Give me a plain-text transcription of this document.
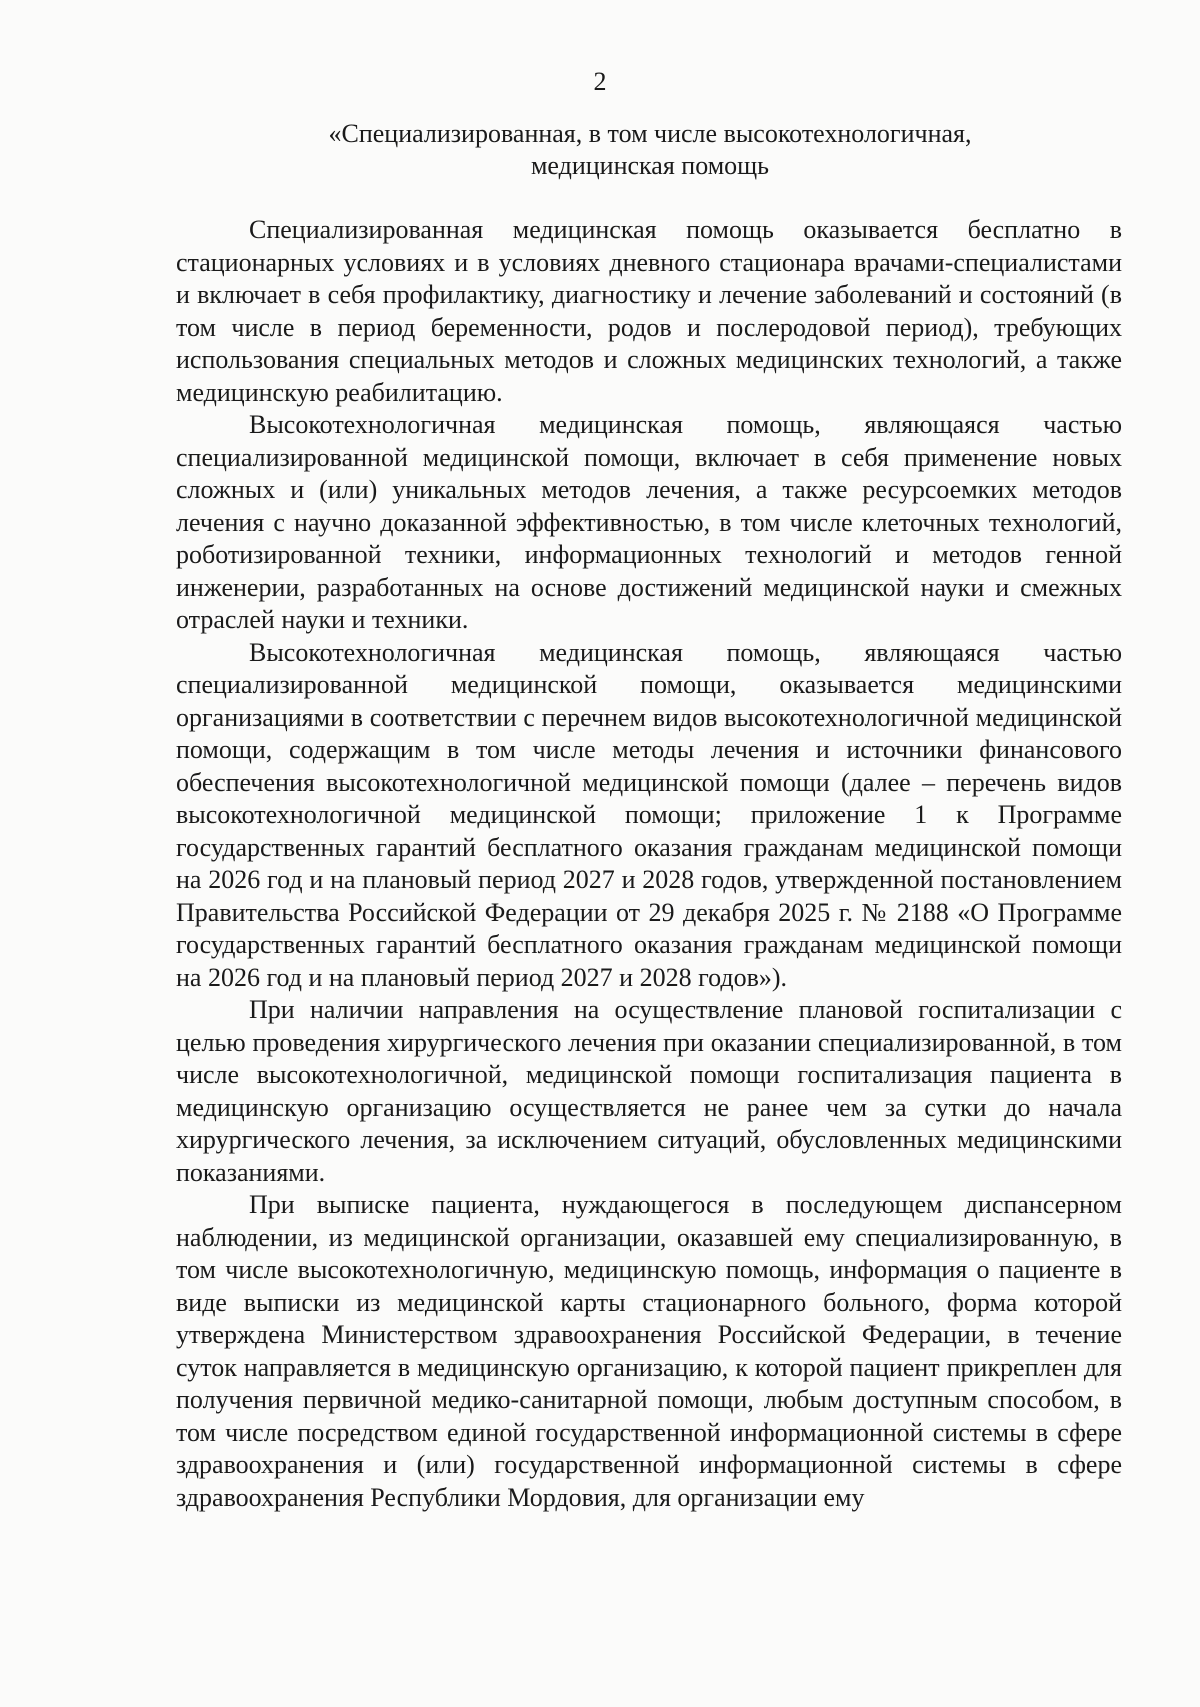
2
«Специализированная, в том числе высокотехнологичная,
медицинская помощь

Специализированная медицинская помощь оказывается бесплатно в стационарных условиях и в условиях дневного стационара врачами-специалистами и включает в себя профилактику, диагностику и лечение заболеваний и состояний (в том числе в период беременности, родов и послеродовой период), требующих использования специальных методов и сложных медицинских технологий, а также медицинскую реабилитацию.

Высокотехнологичная медицинская помощь, являющаяся частью специализированной медицинской помощи, включает в себя применение новых сложных и (или) уникальных методов лечения, а также ресурсоемких методов лечения с научно доказанной эффективностью, в том числе клеточных технологий, роботизированной техники, информационных технологий и методов генной инженерии, разработанных на основе достижений медицинской науки и смежных отраслей науки и техники.

Высокотехнологичная медицинская помощь, являющаяся частью специализированной медицинской помощи, оказывается медицинскими организациями в соответствии с перечнем видов высокотехнологичной медицинской помощи, содержащим в том числе методы лечения и источники финансового обеспечения высокотехнологичной медицинской помощи (далее – перечень видов высокотехнологичной медицинской помощи; приложение 1 к Программе государственных гарантий бесплатного оказания гражданам медицинской помощи на 2026 год и на плановый период 2027 и 2028 годов, утвержденной постановлением Правительства Российской Федерации от 29 декабря 2025 г. № 2188 «О Программе государственных гарантий бесплатного оказания гражданам медицинской помощи на 2026 год и на плановый период 2027 и 2028 годов»).

При наличии направления на осуществление плановой госпитализации с целью проведения хирургического лечения при оказании специализированной, в том числе высокотехнологичной, медицинской помощи госпитализация пациента в медицинскую организацию осуществляется не ранее чем за сутки до начала хирургического лечения, за исключением ситуаций, обусловленных медицинскими показаниями.

При выписке пациента, нуждающегося в последующем диспансерном наблюдении, из медицинской организации, оказавшей ему специализированную, в том числе высокотехнологичную, медицинскую помощь, информация о пациенте в виде выписки из медицинской карты стационарного больного, форма которой утверждена Министерством здравоохранения Российской Федерации, в течение суток направляется в медицинскую организацию, к которой пациент прикреплен для получения первичной медико-санитарной помощи, любым доступным способом, в том числе посредством единой государственной информационной системы в сфере здравоохранения и (или) государственной информационной системы в сфере здравоохранения Республики Мордовия, для организации ему
